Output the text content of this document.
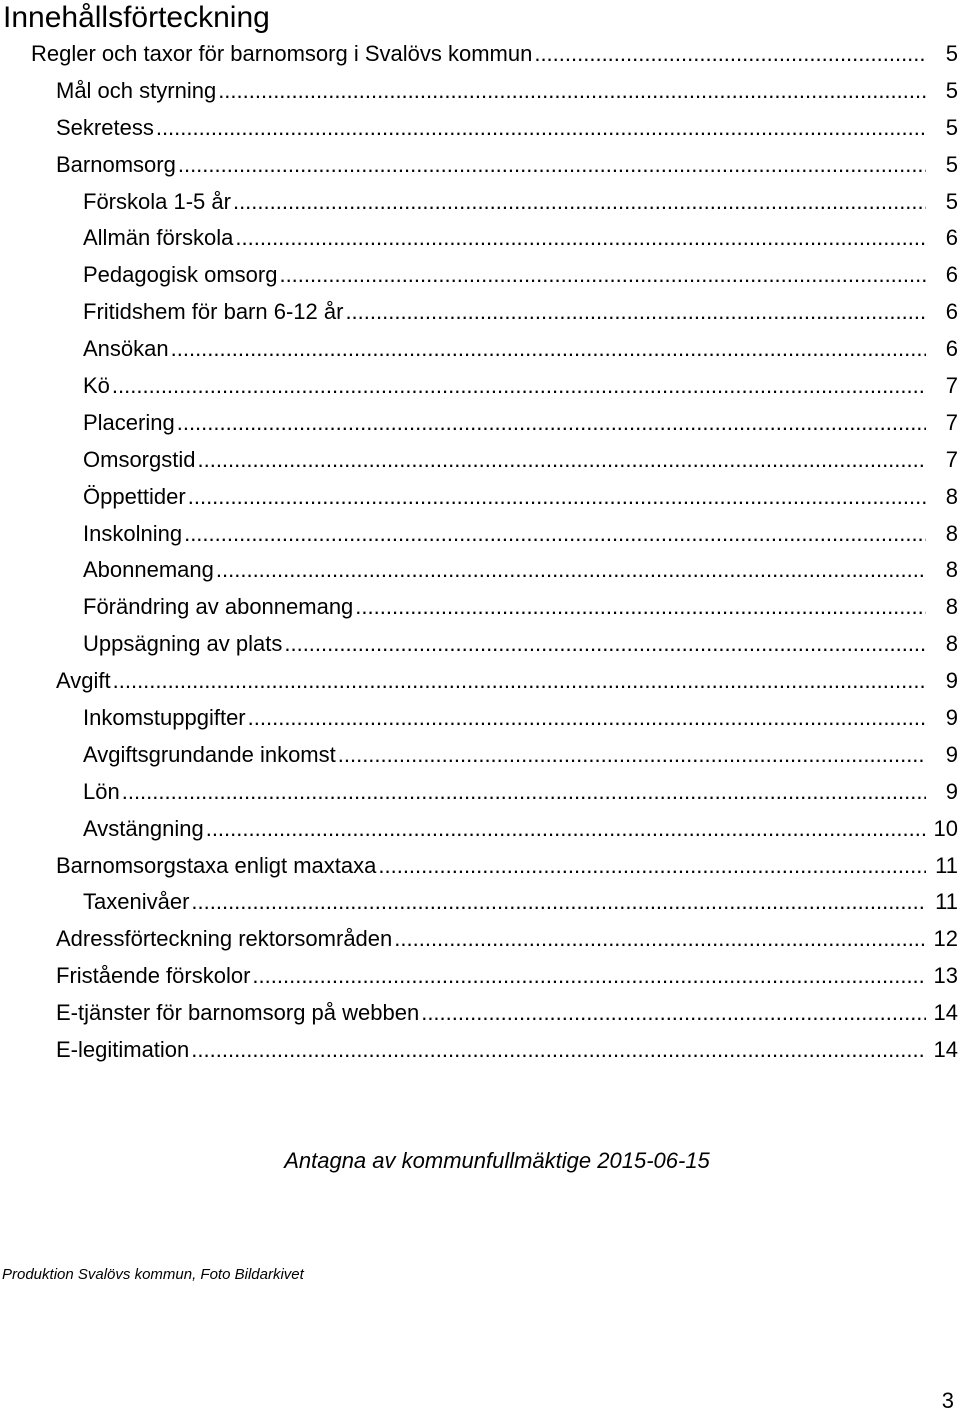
Innehållsförteckning
Regler och taxor för barnomsorg i Svalövs kommun .....	5
Mål och styrning .....	5
Sekretess .....	5
Barnomsorg .....	5
Förskola 1-5 år .....	5
Allmän förskola .....	6
Pedagogisk omsorg .....	6
Fritidshem för barn 6-12 år .....	6
Ansökan .....	6
Kö .....	7
Placering .....	7
Omsorgstid .....	7
Öppettider .....	8
Inskolning .....	8
Abonnemang .....	8
Förändring av abonnemang .....	8
Uppsägning av plats .....	8
Avgift .....	9
Inkomstuppgifter .....	9
Avgiftsgrundande inkomst .....	9
Lön .....	9
Avstängning .....	10
Barnomsorgstaxa enligt maxtaxa .....	11
Taxenivåer .....	11
Adressförteckning rektorsområden .....	12
Fristående förskolor .....	13
E-tjänster för barnomsorg på webben .....	14
E-legitimation .....	14

Antagna av kommunfullmäktige 2015-06-15

Produktion Svalövs kommun, Foto Bildarkivet

3
